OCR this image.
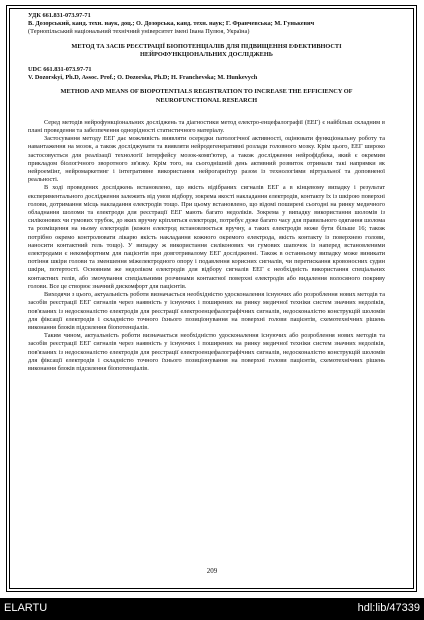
УДК 661.831-073.97-71
В. Дозорський, канд. техн. наук, доц.; О. Дозорська, канд. техн. наук; Г. Франчевська; М. Гунькевич
(Тернопільський національний технічний університет імені Івана Пулюя, Україна)
МЕТОД ТА ЗАСІБ РЕЄСТРАЦІЇ БІОПОТЕНЦІАЛІВ ДЛЯ ПІДВИЩЕННЯ ЕФЕКТИВНОСТІ НЕЙРОФУНКЦІОНАЛЬНИХ ДОСЛІДЖЕНЬ
UDC 661.831-073.97-71
V. Dozorskyi, Ph.D, Assoc. Prof.; O. Dozorska, Ph.D; H. Franchevska; M. Hunkevych
METHOD AND MEANS OF BIOPOTENTIALS REGISTRATION TO INCREASE THE EFFICIENCY OF NEUROFUNCTIONAL RESEARCH

Серед методів нейрофункціональних досліджень та діагностики метод електро-енцефалографії (ЕЕГ) є найбільш складним в плані проведення та забезпечення однорідності статистичного матеріалу.

Застосування методу ЕЕГ дає можливість виявляти осередки патологічної активності, оцінювати функціональну роботу та навантаження на мозок, а також досліджувати та виявляти нейродегенеративні розлади головного мозку. Крім цього, ЕЕГ широко застосовується для реалізації технології інтерфейсу мозок-комп'ютер, а також дослідження нейрофідбека, який є окремим прикладом біологічного зворотного зв'язку. Крім того, на сьогоднішній день активний розвиток отримали такі напрямки як нейроеміінг, нейромаркетинг і інтегративне використання нейрогарнітур разом із технологіями віртуальної та доповненої реальності.

В ході проведених досліджень встановлено, що якість відібраних сигналів ЕЕГ а в кінцевому випадку і результат експериментального дослідження залежить від умов відбору, зокрема якості накладання електродів, контакту їх із шкірою поверхні голови, дотримання місць накладання електродів тощо. При цьому встановлено, що відомі поширені сьогодні на ринку медичного обладнання шоломи та електроди для реєстрації ЕЕГ мають багато недоліків. Зокрема у випадку використання шоломів із силіконових чи гумових трубок, до яких вручну кріпляться електроди, потребує дуже багато часу для правильного одягання шолома та розміщення на ньому електродів (кожен електрод встановлюється вручну, а таких електродів може бути більше 16; також потрібно окремо контролювати лікарю якість накладання кожного окремого електрода, якість контакту із поверхнею голови, наносити контактний гель тощо). У випадку ж використання силіконових чи гумових шапочок із наперед встановленими електродами є некомфортним для пацієнтів при довготривалому ЕЕГ дослідженні. Також в останньому випадку може виникати потіння шкіри голови та зменшення міжелектродного опору і подавлення корисних сигналів, чи перетискання кровоносних судин шкіри, потертості. Основним же недоліком електродів для відбору сигналів ЕЕГ є необхідність використання спеціальних контактних гелів, або змочування спеціальними розчинами контактної поверхні електродів або видалення волосяного покриву голови. Все це створює значний дискомфорт для пацієнтів.

Виходячи з цього, актуальність роботи визначається необхідністю удосконалення існуючих або розроблення нових методів та засобів реєстрації ЕЕГ сигналів через наявність у існуючих і поширених на ринку медичної техніки систем значних недоліків, пов'язаних із недосконалістю електродів для реєстрації електроенцефалографічних сигналів, недосконалістю конструкцій шоломів для фіксації електродів і складністю точного їхнього позиціонування на поверхні голови пацієнтів, схемотехнічних рішень виконання блоків підсилення біопотенціалів.

Таким чином, актуальність роботи визначається необхідністю удосконалення існуючих або розроблення нових методів та засобів реєстрації ЕЕГ сигналів через наявність у існуючих і поширених на ринку медичної техніки систем значних недоліків, пов'язаних із недосконалістю електродів для реєстрації електроенцефалографічних сигналів, недосконалістю конструкцій шоломів для фіксації електродів і складністю точного їхнього позиціонування на поверхні голови пацієнтів, схемотехнічних рішень виконання блоків підсилення біопотенціалів.

209
ELARTU	hdl:lib/47339
